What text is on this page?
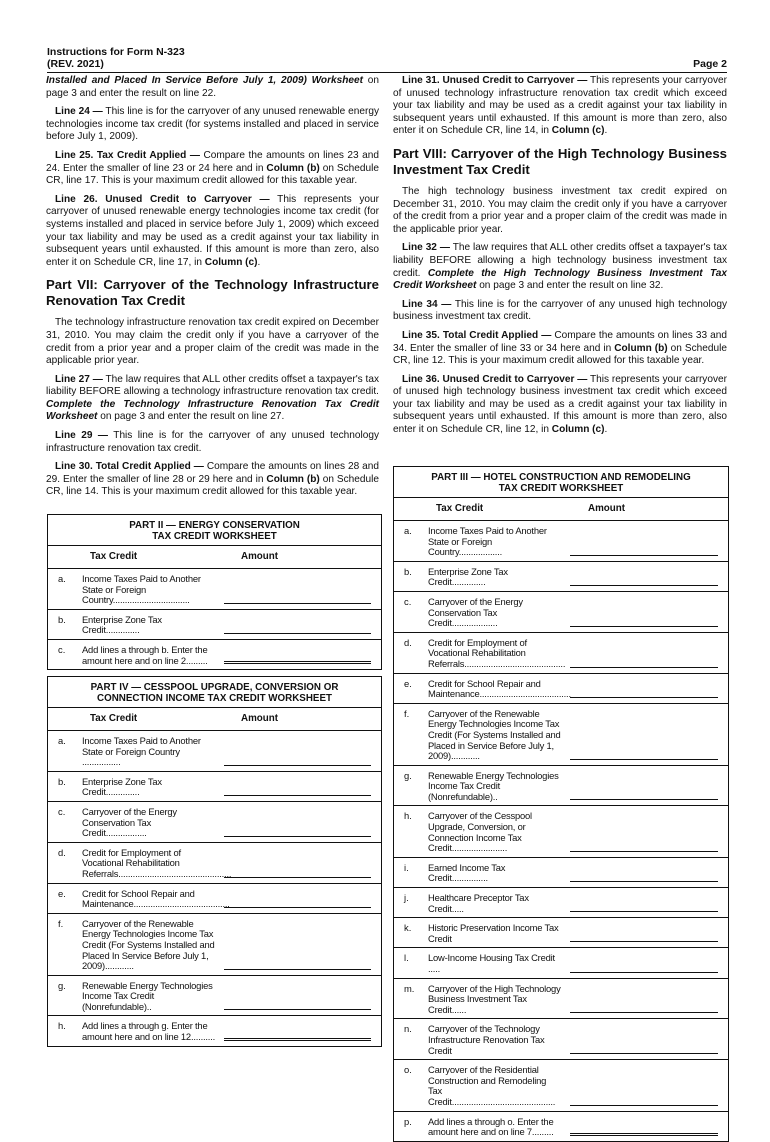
Instructions for Form N-323
(REV. 2021)	Page 2

Installed and Placed In Service Before July 1, 2009) Worksheet on page 3 and enter the result on line 22.

Line 24 — This line is for the carryover of any unused renewable energy technologies income tax credit (for systems installed and placed in service before July 1, 2009).

Line 25. Tax Credit Applied — Compare the amounts on lines 23 and 24. Enter the smaller of line 23 or 24 here and in Column (b) on Schedule CR, line 17. This is your maximum credit allowed for this taxable year.

Line 26. Unused Credit to Carryover — This represents your carryover of unused renewable energy technologies income tax credit (for systems installed and placed in service before July 1, 2009) which exceed your tax liability and may be used as a credit against your tax liability in subsequent years until exhausted. If this amount is more than zero, also enter it on Schedule CR, line 17, in Column (c).

Part VII: Carryover of the Technology Infrastructure Renovation Tax Credit

The technology infrastructure renovation tax credit expired on December 31, 2010. You may claim the credit only if you have a carryover of the credit from a prior year and a proper claim of the credit was made in the applicable prior year.

Line 27 — The law requires that ALL other credits offset a taxpayer's tax liability BEFORE allowing a technology infrastructure renovation tax credit. Complete the Technology Infrastructure Renovation Tax Credit Worksheet on page 3 and enter the result on line 27.

Line 29 — This line is for the carryover of any unused technology infrastructure renovation tax credit.

Line 30. Total Credit Applied — Compare the amounts on lines 28 and 29. Enter the smaller of line 28 or 29 here and in Column (b) on Schedule CR, line 14. This is your maximum credit allowed for this taxable year.

Line 31. Unused Credit to Carryover — This represents your carryover of unused technology infrastructure renovation tax credit which exceed your tax liability and may be used as a credit against your tax liability in subsequent years until exhausted. If this amount is more than zero, also enter it on Schedule CR, line 14, in Column (c).

Part VIII: Carryover of the High Technology Business Investment Tax Credit

The high technology business investment tax credit expired on December 31, 2010. You may claim the credit only if you have a carryover of the credit from a prior year and a proper claim of the credit was made in the applicable prior year.

Line 32 — The law requires that ALL other credits offset a taxpayer's tax liability BEFORE allowing a high technology business investment tax credit. Complete the High Technology Business Investment Tax Credit Worksheet on page 3 and enter the result on line 32.

Line 34 — This line is for the carryover of any unused high technology business investment tax credit.

Line 35. Total Credit Applied — Compare the amounts on lines 33 and 34. Enter the smaller of line 33 or 34 here and in Column (b) on Schedule CR, line 12. This is your maximum credit allowed for this taxable year.

Line 36. Unused Credit to Carryover — This represents your carryover of unused high technology business investment tax credit which exceed your tax liability and may be used as a credit against your tax liability in subsequent years until exhausted. If this amount is more than zero, also enter it on Schedule CR, line 12, in Column (c).

PART II — ENERGY CONSERVATION
TAX CREDIT WORKSHEET
Tax Credit	Amount
a.	Income Taxes Paid to Another State or Foreign Country................................
b.	Enterprise Zone Tax Credit..............
c.	Add lines a through b. Enter the amount here and on line 2.........
PART IV — CESSPOOL UPGRADE, CONVERSION OR
CONNECTION INCOME TAX CREDIT WORKSHEET
Tax Credit	Amount
a.	Income Taxes Paid to Another State or Foreign Country ................
b.	Enterprise Zone Tax Credit..............
c.	Carryover of the Energy Conservation Tax Credit.................
d.	Credit for Employment of Vocational Rehabilitation Referrals...............................................
e.	Credit for School Repair and Maintenance........................................
f.	Carryover of the Renewable Energy Technologies Income Tax Credit (For Systems Installed and Placed In Service Before July 1, 2009)............
g.	Renewable Energy Technologies Income Tax Credit (Nonrefundable)..
h.	Add lines a through g. Enter the amount here and on line 12..........
PART III — HOTEL CONSTRUCTION AND REMODELING
TAX CREDIT WORKSHEET
Tax Credit	Amount
a.	Income Taxes Paid to Another State or Foreign Country..................
b.	Enterprise Zone Tax Credit..............
c.	Carryover of the Energy Conservation Tax Credit...................
d.	Credit for Employment of Vocational Rehabilitation Referrals..........................................
e.	Credit for School Repair and Maintenance......................................
f.	Carryover of the Renewable Energy Technologies Income Tax Credit (For Systems Installed and Placed in Service Before July 1, 2009)............
g.	Renewable Energy Technologies Income Tax Credit (Nonrefundable)..
h.	Carryover of the Cesspool Upgrade, Conversion, or Connection Income Tax Credit.......................
i.	Earned Income Tax Credit...............
j.	Healthcare Preceptor Tax Credit.....
k.	Historic Preservation Income Tax Credit
l.	Low-Income Housing Tax Credit .....
m.	Carryover of the High Technology Business Investment Tax Credit......
n.	Carryover of the Technology Infrastructure Renovation Tax Credit
o.	Carryover of the Residential Construction and Remodeling Tax Credit...........................................
p.	Add lines a through o. Enter the amount here and on line 7.........
